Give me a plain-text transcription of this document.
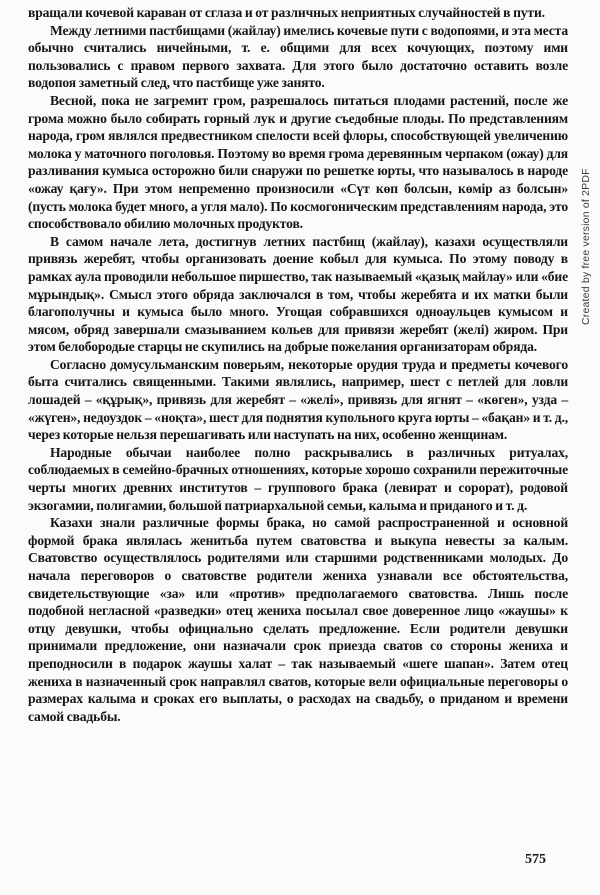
вращали кочевой караван от сглаза и от различных неприятных случайностей в пути.

Между летними пастбищами (жайлау) имелись кочевые пути с водопоями, и эта места обычно считались ничейными, т. е. общими для всех кочующих, поэтому ими пользовались с правом первого захвата. Для этого было достаточно оставить возле водопоя заметный след, что пастбище уже занято.

Весной, пока не загремит гром, разрешалось питаться плодами растений, после же грома можно было собирать горный лук и другие съедобные плоды. По представлениям народа, гром являлся предвестником спелости всей флоры, способствующей увеличению молока у маточного поголовья. Поэтому во время грома деревянным черпаком (ожау) для разливания кумыса осторожно били снаружи по решетке юрты, что называлось в народе «ожау қағу». При этом непременно произносили «Сүт көп болсын, көмір аз болсын» (пусть молока будет много, а угля мало). По космогоническим представлениям народа, это способствовало обилию молочных продуктов.

В самом начале лета, достигнув летних пастбищ (жайлау), казахи осуществляли привязь жеребят, чтобы организовать доение кобыл для кумыса. По этому поводу в рамках аула проводили небольшое пиршество, так называемый «қазық майлау» или «бие мұрындық». Смысл этого обряда заключался в том, чтобы жеребята и их матки были благополучны и кумыса было много. Угощая собравшихся одноаульцев кумысом и мясом, обряд завершали смазыванием кольев для привязи жеребят (желі) жиром. При этом белобородые старцы не скупились на добрые пожелания организаторам обряда.

Согласно домусульманским поверьям, некоторые орудия труда и предметы кочевого быта считались священными. Такими являлись, например, шест с петлей для ловли лошадей – «құрық», привязь для жеребят – «желі», привязь для ягнят – «көген», узда – «жүген», недоуздок – «ноқта», шест для поднятия купольного круга юрты – «бақан» и т. д., через которые нельзя перешагивать или наступать на них, особенно женщинам.

Народные обычаи наиболее полно раскрывались в различных ритуалах, соблюдаемых в семейно-брачных отношениях, которые хорошо сохранили пережиточные черты многих древних институтов – группового брака (левират и сорорат), родовой экзогамии, полигамии, большой патриархальной семьи, калыма и приданого и т. д.

Казахи знали различные формы брака, но самой распространенной и основной формой брака являлась женитьба путем сватовства и выкупа невесты за калым. Сватовство осуществлялось родителями или старшими родственниками молодых. До начала переговоров о сватовстве родители жениха узнавали все обстоятельства, свидетельствующие «за» или «против» предполагаемого сватовства. Лишь после подобной негласной «разведки» отец жениха посылал свое доверенное лицо «жаушы» к отцу девушки, чтобы официально сделать предложение. Если родители девушки принимали предложение, они назначали срок приезда сватов со стороны жениха и преподносили в подарок жаушы халат – так называемый «шеге шапан». Затем отец жениха в назначенный срок направлял сватов, которые вели официальные переговоры о размерах калыма и сроках его выплаты, о расходах на свадьбу, о приданом и времени самой свадьбы.

Created by free version of 2PDF
575
